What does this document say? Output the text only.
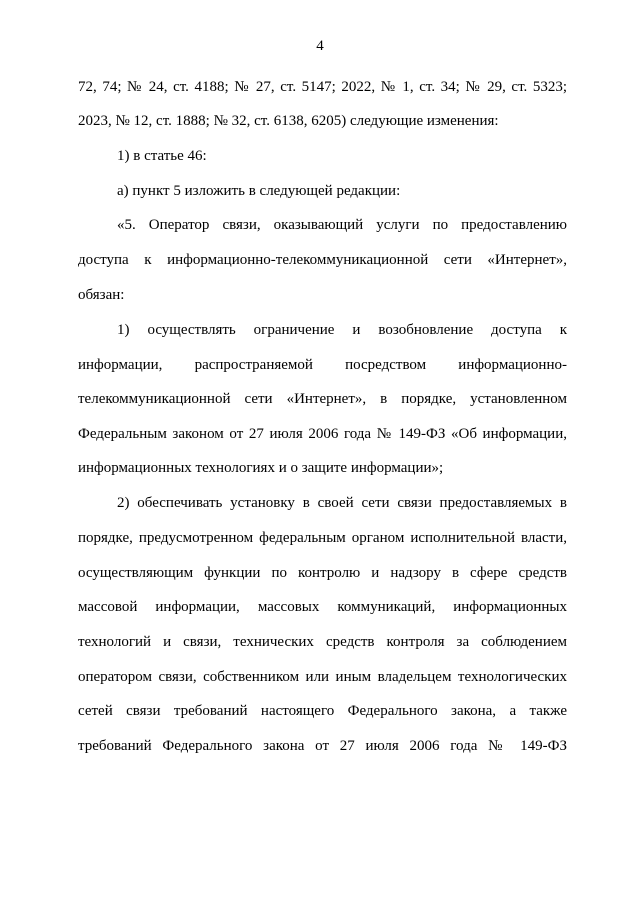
4
72, 74; № 24, ст. 4188; № 27, ст. 5147; 2022, № 1, ст. 34; № 29, ст. 5323;
2023, № 12, ст. 1888; № 32, ст. 6138, 6205) следующие изменения:
1) в статье 46:
а) пункт 5 изложить в следующей редакции:
«5. Оператор связи, оказывающий услуги по предоставлению
доступа к информационно-телекоммуникационной сети «Интернет»,
обязан:
1) осуществлять ограничение и возобновление доступа к
информации, распространяемой посредством информационно-
телекоммуникационной сети «Интернет», в порядке, установленном
Федеральным законом от 27 июля 2006 года № 149-ФЗ «Об информации,
информационных технологиях и о защите информации»;
2) обеспечивать установку в своей сети связи предоставляемых в
порядке, предусмотренном федеральным органом исполнительной власти,
осуществляющим функции по контролю и надзору в сфере средств
массовой информации, массовых коммуникаций, информационных
технологий и связи, технических средств контроля за соблюдением
оператором связи, собственником или иным владельцем технологических
сетей связи требований настоящего Федерального закона, а также
требований Федерального закона от 27 июля 2006 года № 149-ФЗ
